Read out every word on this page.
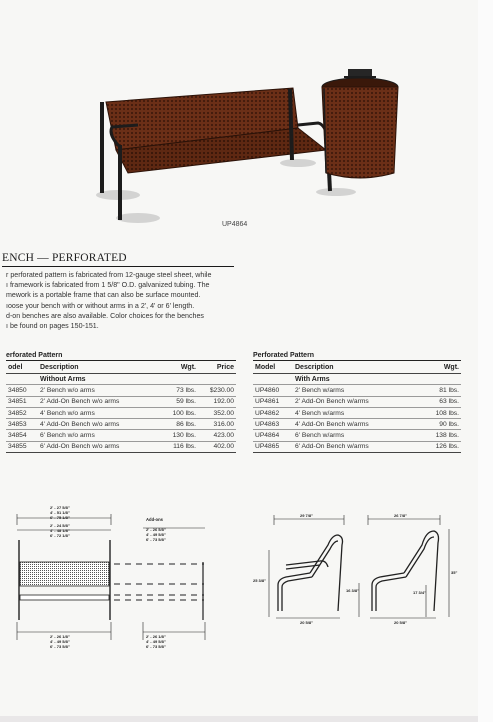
UP4864
ENCH — PERFORATED
r perforated pattern is fabricated from 12-gauge steel sheet, while
ı framework is fabricated from 1 5/8" O.D. galvanized tubing. The
mework is a portable frame that can also be surface mounted.
ıoose your bench with or without arms in a 2', 4' or 6' length.
d-on benches are also available. Color choices for the benches
ı be found on pages 150-151.
erforated Pattern
odel	Description	Wgt.	Price
	Without Arms		
34850	2' Bench w/o arms	73 lbs.	$230.00
34851	2' Add-On Bench w/o arms	59 lbs.	192.00
34852	4' Bench w/o arms	100 lbs.	352.00
34853	4' Add-On Bench w/o arms	86 lbs.	316.00
34854	6' Bench w/o arms	130 lbs.	423.00
34855	6' Add-On Bench w/o arms	116 lbs.	402.00
Perforated Pattern
Model	Description	Wgt.
	With Arms	
UP4860	2' Bench w/arms	81 lbs.
UP4861	2' Add-On Bench w/arms	63 lbs.
UP4862	4' Bench w/arms	108 lbs.
UP4863	4' Add-On Bench w/arms	90 lbs.
UP4864	6' Bench w/arms	138 lbs.
UP4865	6' Add-On Bench w/arms	126 lbs.
2' - 27 5/8"
4' - 51 1/8"
6' - 75 1/8"
2' - 24 5/8"
4' - 48 1/8"
6' - 72 1/8"
Add-ons
2' - 26 5/8"
4' - 49 5/8"
6' - 73 5/8"
2' - 26 1/8"
4' - 49 5/8"
6' - 73 5/8"
2' - 26 1/8"
4' - 49 5/8"
6' - 73 5/8"
29 7/8"	26 7/8"
25 3/8"
16 3/8"	17 3/4"
35"
20 5/8"	20 5/8"
